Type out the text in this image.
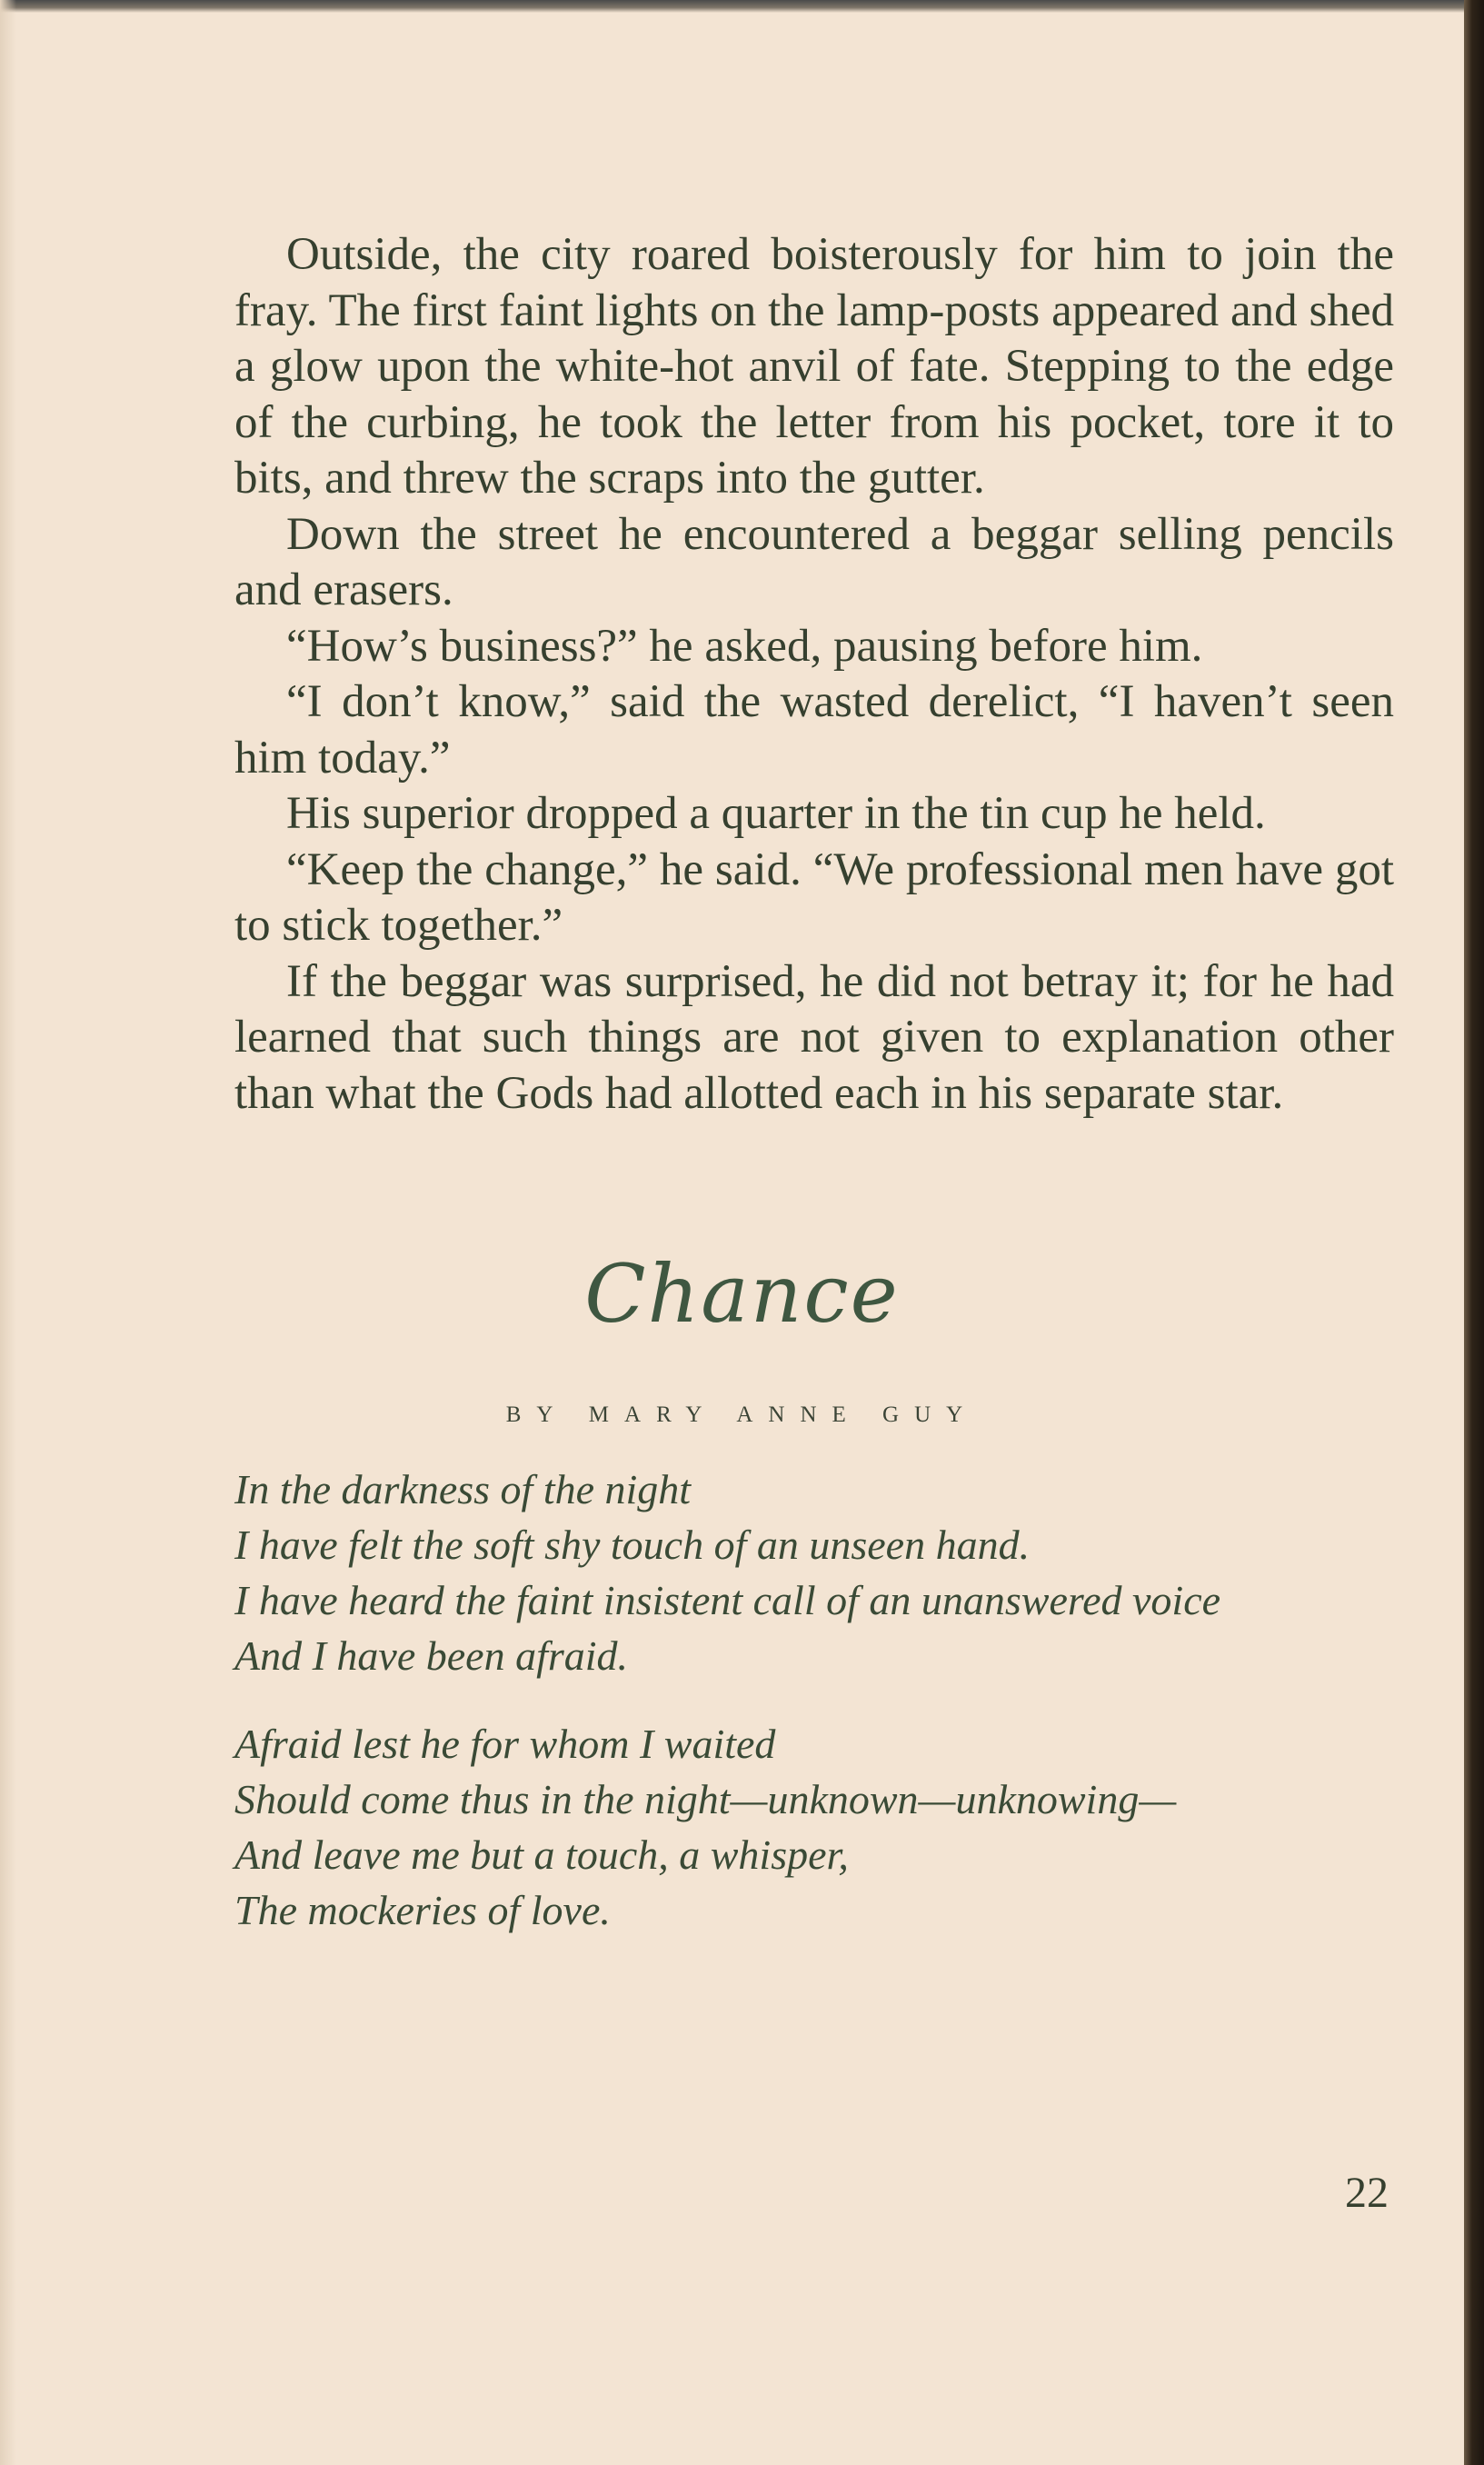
Outside, the city roared boisterously for him to join the fray. The first faint lights on the lamp-posts appeared and shed a glow upon the white-hot anvil of fate. Stepping to the edge of the curbing, he took the letter from his pocket, tore it to bits, and threw the scraps into the gutter.

Down the street he encountered a beggar selling pencils and erasers.

“How’s business?” he asked, pausing before him.

“I don’t know,” said the wasted derelict, “I haven’t seen him today.”

His superior dropped a quarter in the tin cup he held.

“Keep the change,” he said. “We professional men have got to stick together.”

If the beggar was surprised, he did not betray it; for he had learned that such things are not given to explanation other than what the Gods had allotted each in his separate star.

Chance
BY MARY ANNE GUY
In the darkness of the night
I have felt the soft shy touch of an unseen hand.
I have heard the faint insistent call of an unanswered voice
And I have been afraid.
Afraid lest he for whom I waited
Should come thus in the night—unknown—unknowing—
And leave me but a touch, a whisper,
The mockeries of love.
22
